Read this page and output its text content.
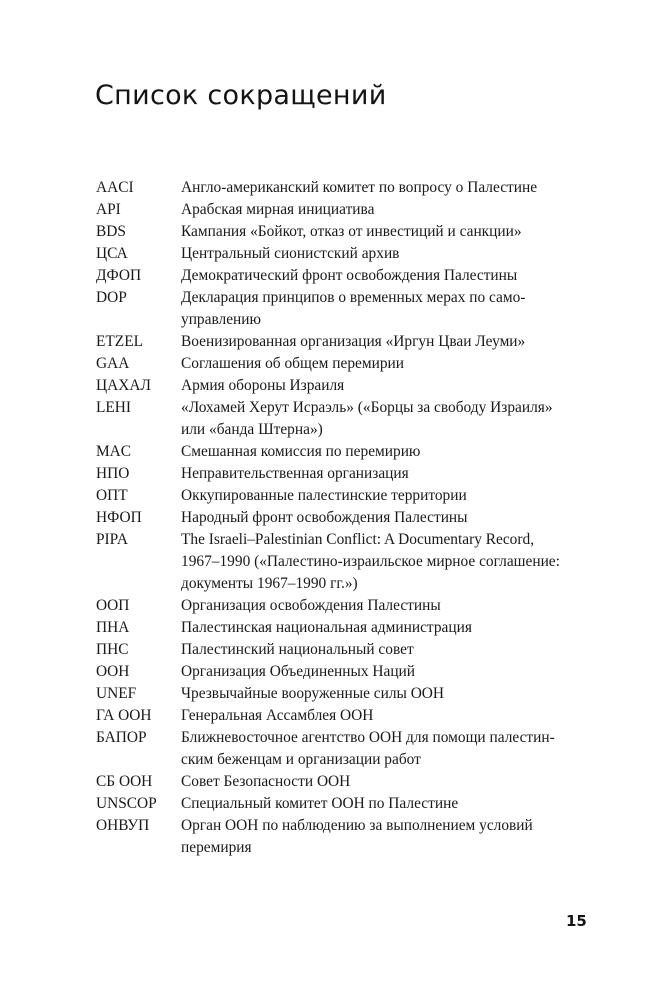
Список сокращений
AACI	Англо-американский комитет по вопросу о Палестине
API	Арабская мирная инициатива
BDS	Кампания «Бойкот, отказ от инвестиций и санкции»
ЦСА	Центральный сионистский архив
ДФОП	Демократический фронт освобождения Палестины
DOP	Декларация принципов о временных мерах по само-
управлению
ETZEL	Военизированная организация «Иргун Цваи Леуми»
GAA	Соглашения об общем перемирии
ЦАХАЛ	Армия обороны Израиля
LEHI	«Лохамей Херут Исраэль» («Борцы за свободу Израиля»
или «банда Штерна»)
MAC	Смешанная комиссия по перемирию
НПО	Неправительственная организация
ОПТ	Оккупированные палестинские территории
НФОП	Народный фронт освобождения Палестины
PIPA	The Israeli–Palestinian Conflict: A Documentary Record,
1967–1990 («Палестино-израильское мирное соглашение:
документы 1967–1990 гг.»)
ООП	Организация освобождения Палестины
ПНА	Палестинская национальная администрация
ПНС	Палестинский национальный совет
ООН	Организация Объединенных Наций
UNEF	Чрезвычайные вооруженные силы ООН
ГА ООН	Генеральная Ассамблея ООН
БАПОР	Ближневосточное агентство ООН для помощи палестин-
ским беженцам и организации работ
СБ ООН	Совет Безопасности ООН
UNSCOP	Специальный комитет ООН по Палестине
ОНВУП	Орган ООН по наблюдению за выполнением условий
перемирия
15
